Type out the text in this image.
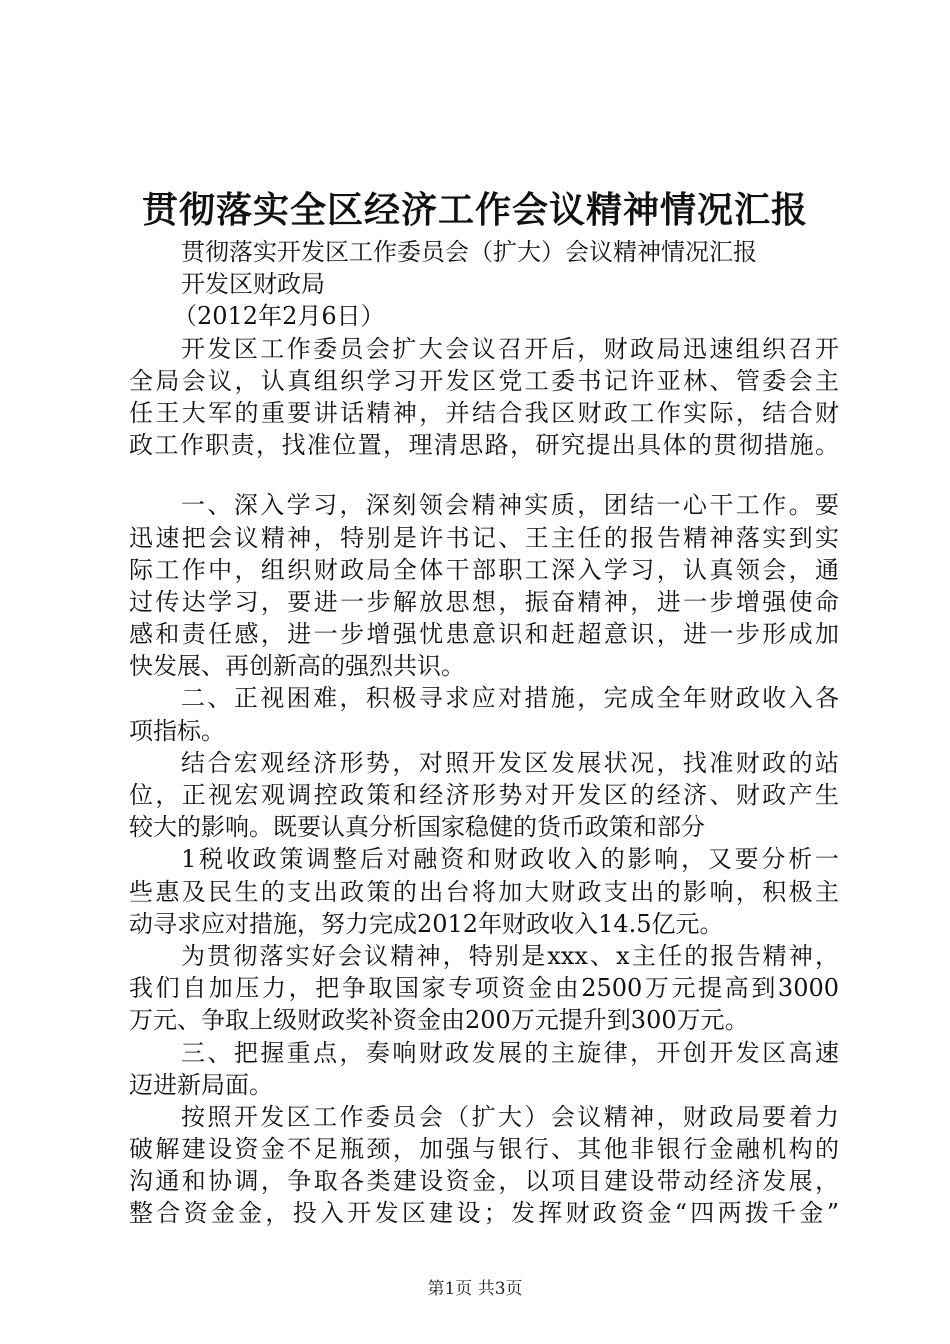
贯彻落实全区经济工作会议精神情况汇报
贯彻落实开发区工作委员会（扩大）会议精神情况汇报
开发区财政局
（2012年2月6日）
开发区工作委员会扩大会议召开后，财政局迅速组织召开
全局会议，认真组织学习开发区党工委书记许亚林、管委会主
任王大军的重要讲话精神，并结合我区财政工作实际，结合财
政工作职责，找准位置，理清思路，研究提出具体的贯彻措施。
一、深入学习，深刻领会精神实质，团结一心干工作。要
迅速把会议精神，特别是许书记、王主任的报告精神落实到实
际工作中，组织财政局全体干部职工深入学习，认真领会，通
过传达学习，要进一步解放思想，振奋精神，进一步增强使命
感和责任感，进一步增强忧患意识和赶超意识，进一步形成加
快发展、再创新高的强烈共识。
二、正视困难，积极寻求应对措施，完成全年财政收入各
项指标。
结合宏观经济形势，对照开发区发展状况，找准财政的站
位，正视宏观调控政策和经济形势对开发区的经济、财政产生
较大的影响。既要认真分析国家稳健的货币政策和部分
1税收政策调整后对融资和财政收入的影响，又要分析一
些惠及民生的支出政策的出台将加大财政支出的影响，积极主
动寻求应对措施，努力完成2012年财政收入14.5亿元。
为贯彻落实好会议精神，特别是xxx、x主任的报告精神，
我们自加压力，把争取国家专项资金由2500万元提高到3000
万元、争取上级财政奖补资金由200万元提升到300万元。
三、把握重点，奏响财政发展的主旋律，开创开发区高速
迈进新局面。
按照开发区工作委员会（扩大）会议精神，财政局要着力
破解建设资金不足瓶颈，加强与银行、其他非银行金融机构的
沟通和协调，争取各类建设资金，以项目建设带动经济发展，
整合资金金，投入开发区建设；发挥财政资金“四两拨千金”
第1页 共3页
